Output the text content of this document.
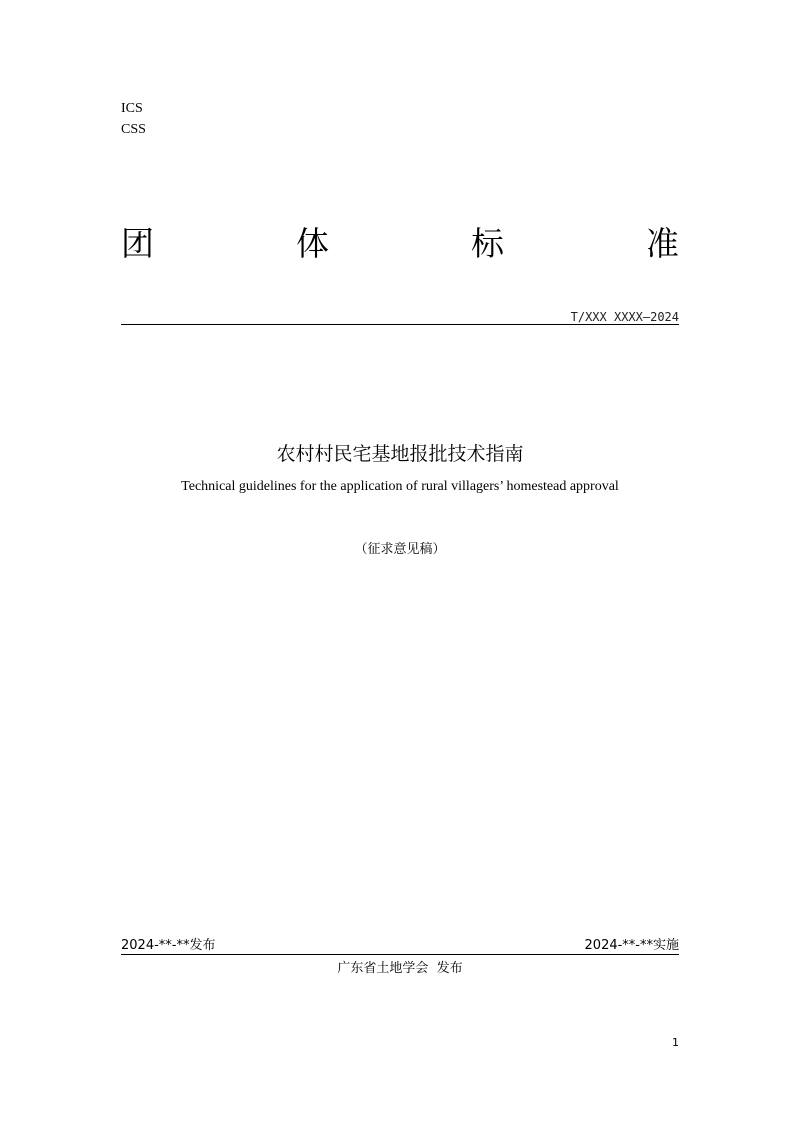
ICS
CSS
团	体	标	准
T/XXX XXXX—2024
农村村民宅基地报批技术指南
Technical guidelines for the application of rural villagers’ homestead approval
（征求意见稿）
2024-**-**发布	2024-**-**实施
广东省土地学会  发布
1
